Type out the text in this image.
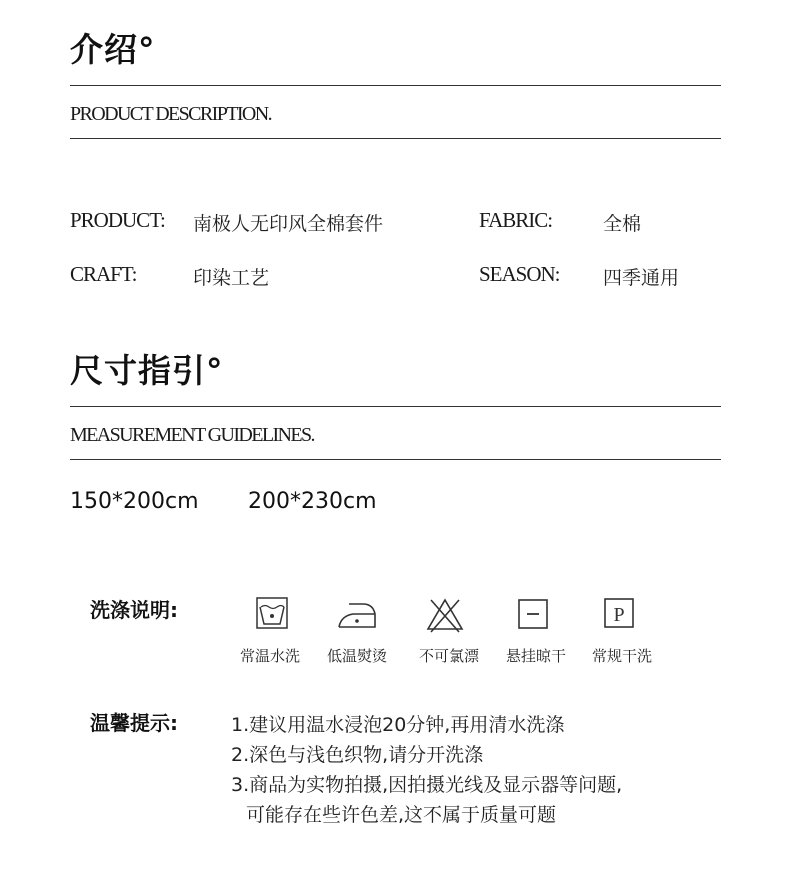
介绍°
PRODUCT DESCRIPTION.
PRODUCT: 南极人无印风全棉套件	FABRIC:	全棉
CRAFT:	印染工艺	SEASON: 四季通用
尺寸指引°
MEASUREMENT GUIDELINES.
150*200cm 200*230cm
洗涤说明:	P
常温水洗	低温熨烫	不可氯漂	悬挂晾干	常规干洗
温馨提示:	1.建议用温水浸泡20分钟,再用清水洗涤
2.深色与浅色织物,请分开洗涤
3.商品为实物拍摄,因拍摄光线及显示器等问题,
可能存在些许色差,这不属于质量可题
